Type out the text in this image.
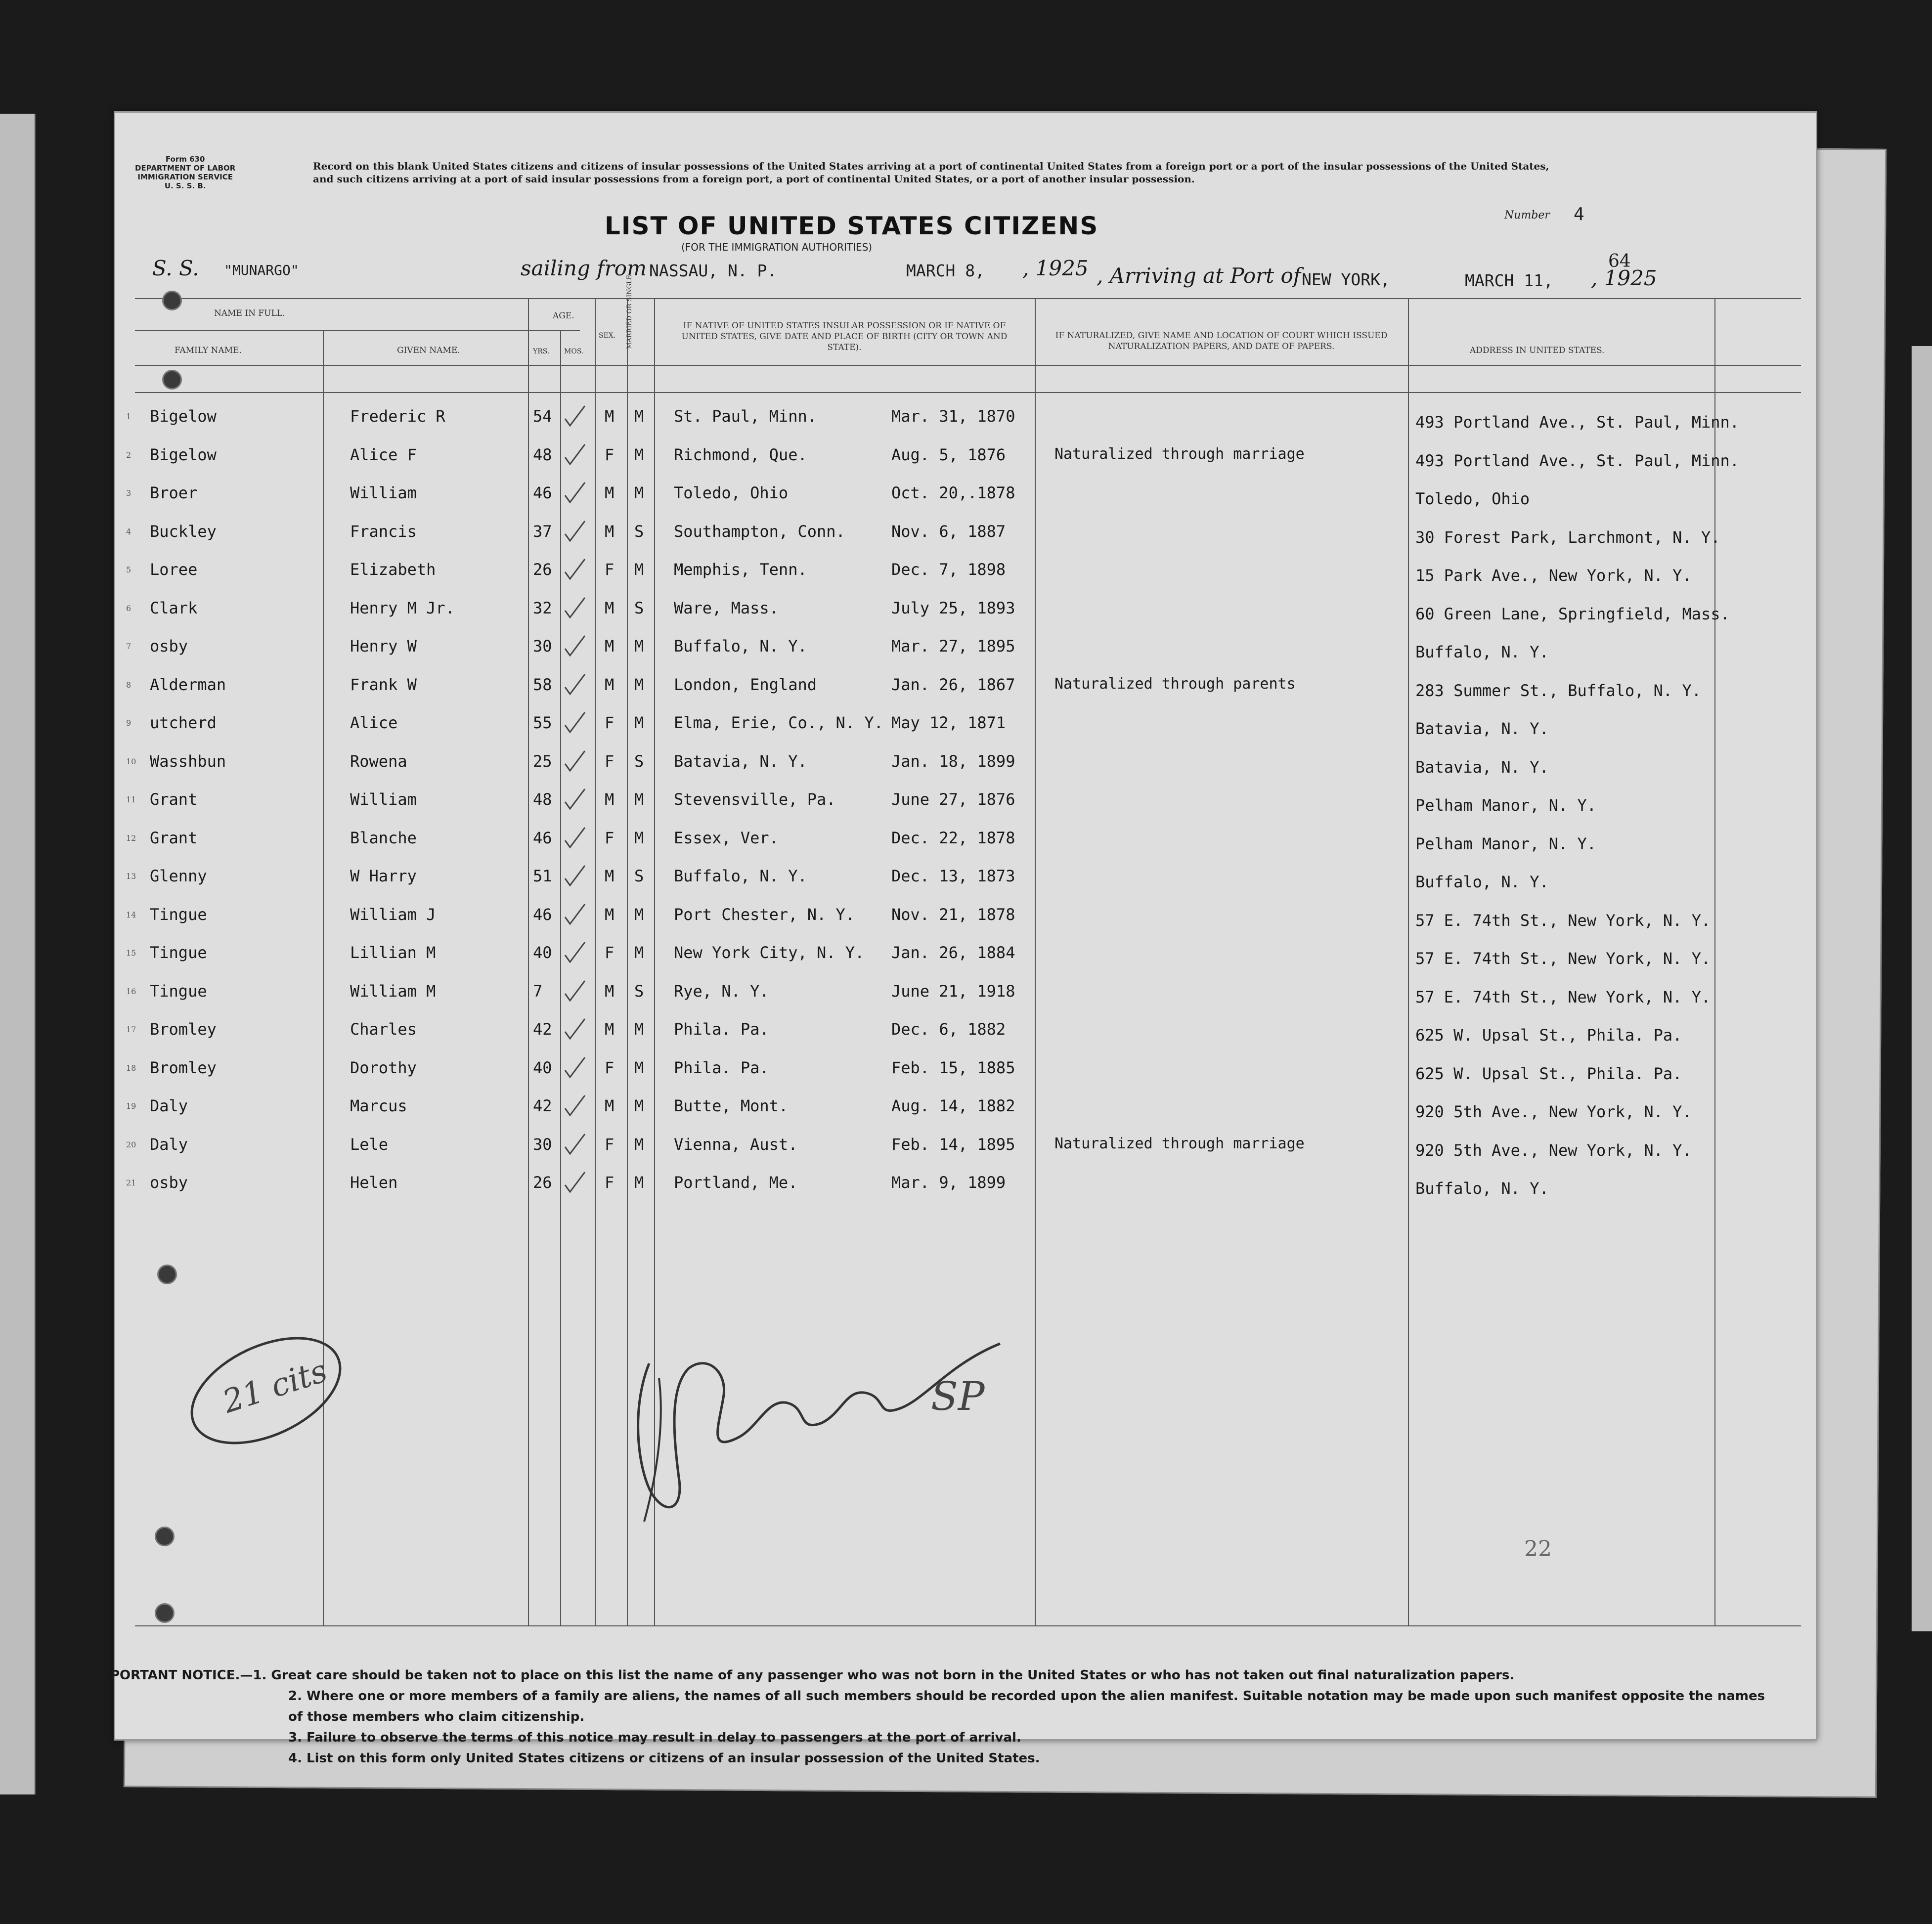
Form 630
DEPARTMENT OF LABOR
IMMIGRATION SERVICE
U. S. S. B.
Record on this blank United States citizens and citizens of insular possessions of the United States arriving at a port of continental United States from a foreign port or a port of the insular possessions of the United States, and such citizens arriving at a port of said insular possessions from a foreign port, a port of continental United States, or a port of another insular possession.
LIST OF UNITED STATES CITIZENS
(FOR THE IMMIGRATION AUTHORITIES)
Number 4
64
S. S. "MUNARGO"	sailing from NASSAU, N. P.	MARCH 8, , 1925 , Arriving at Port of NEW YORK,	MARCH 11, , 1925
NAME IN FULL.
FAMILY NAME.	GIVEN NAME.
AGE.
YRS. MOS.
SEX. MARRIED OR SINGLE.	IF NATIVE OF UNITED STATES INSULAR POSSESSION OR IF NATIVE OF UNITED STATES, GIVE DATE AND PLACE OF BIRTH (CITY OR TOWN AND STATE).
IF NATURALIZED, GIVE NAME AND LOCATION OF COURT WHICH ISSUED NATURALIZATION PAPERS, AND DATE OF PAPERS.	ADDRESS IN UNITED STATES.
1 Bigelow	Frederic R	54	M M St. Paul, Minn.	Mar. 31, 1870	493 Portland Ave., St. Paul, Minn.
2 Bigelow	Alice F	48	F M Richmond, Que.	Aug. 5, 1876	Naturalized through marriage	493 Portland Ave., St. Paul, Minn.
3 Broer	William	46	M M Toledo, Ohio	Oct. 20,.1878	Toledo, Ohio
4 Buckley	Francis	37	M S Southampton, Conn.	Nov. 6, 1887	30 Forest Park, Larchmont, N. Y.
5 Loree	Elizabeth	26	F M Memphis, Tenn.	Dec. 7, 1898	15 Park Ave., New York, N. Y.
6 Clark	Henry M Jr.	32	M S Ware, Mass.	July 25, 1893	60 Green Lane, Springfield, Mass.
7 osby	Henry W	30	M M Buffalo, N. Y.	Mar. 27, 1895	Buffalo, N. Y.
8 Alderman	Frank W	58	M M London, England	Jan. 26, 1867	Naturalized through parents	283 Summer St., Buffalo, N. Y.
9 utcherd	Alice	55	F M Elma, Erie, Co., N. Y. May 12, 1871	Batavia, N. Y.
10 Wasshbun	Rowena	25	F S Batavia, N. Y.	Jan. 18, 1899	Batavia, N. Y.
11 Grant	William	48	M M Stevensville, Pa.	June 27, 1876	Pelham Manor, N. Y.
12 Grant	Blanche	46	F M Essex, Ver.	Dec. 22, 1878	Pelham Manor, N. Y.
13 Glenny	W Harry	51	M S Buffalo, N. Y.	Dec. 13, 1873	Buffalo, N. Y.
14 Tingue	William J	46	M M Port Chester, N. Y. Nov. 21, 1878	57 E. 74th St., New York, N. Y.
15 Tingue	Lillian M	40	F M New York City, N. Y. Jan. 26, 1884	57 E. 74th St., New York, N. Y.
16 Tingue	William M	7	M S Rye, N. Y.	June 21, 1918	57 E. 74th St., New York, N. Y.
17 Bromley	Charles	42	M M Phila. Pa.	Dec. 6, 1882	625 W. Upsal St., Phila. Pa.
18 Bromley	Dorothy	40	F M Phila. Pa.	Feb. 15, 1885	625 W. Upsal St., Phila. Pa.
19 Daly	Marcus	42	M M Butte, Mont.	Aug. 14, 1882	920 5th Ave., New York, N. Y.
20 Daly	Lele	30	F M Vienna, Aust.	Feb. 14, 1895	Naturalized through marriage	920 5th Ave., New York, N. Y.
21 osby	Helen	26	F M Portland, Me.	Mar. 9, 1899	Buffalo, N. Y.
21 cits	SP
22
PORTANT NOTICE.—1. Great care should be taken not to place on this list the name of any passenger who was not born in the United States or who has not taken out final naturalization papers.

2. Where one or more members of a family are aliens, the names of all such members should be recorded upon the alien manifest. Suitable notation may be made upon such manifest opposite the names of those members who claim citizenship.
3. Failure to observe the terms of this notice may result in delay to passengers at the port of arrival.
4. List on this form only United States citizens or citizens of an insular possession of the United States.
